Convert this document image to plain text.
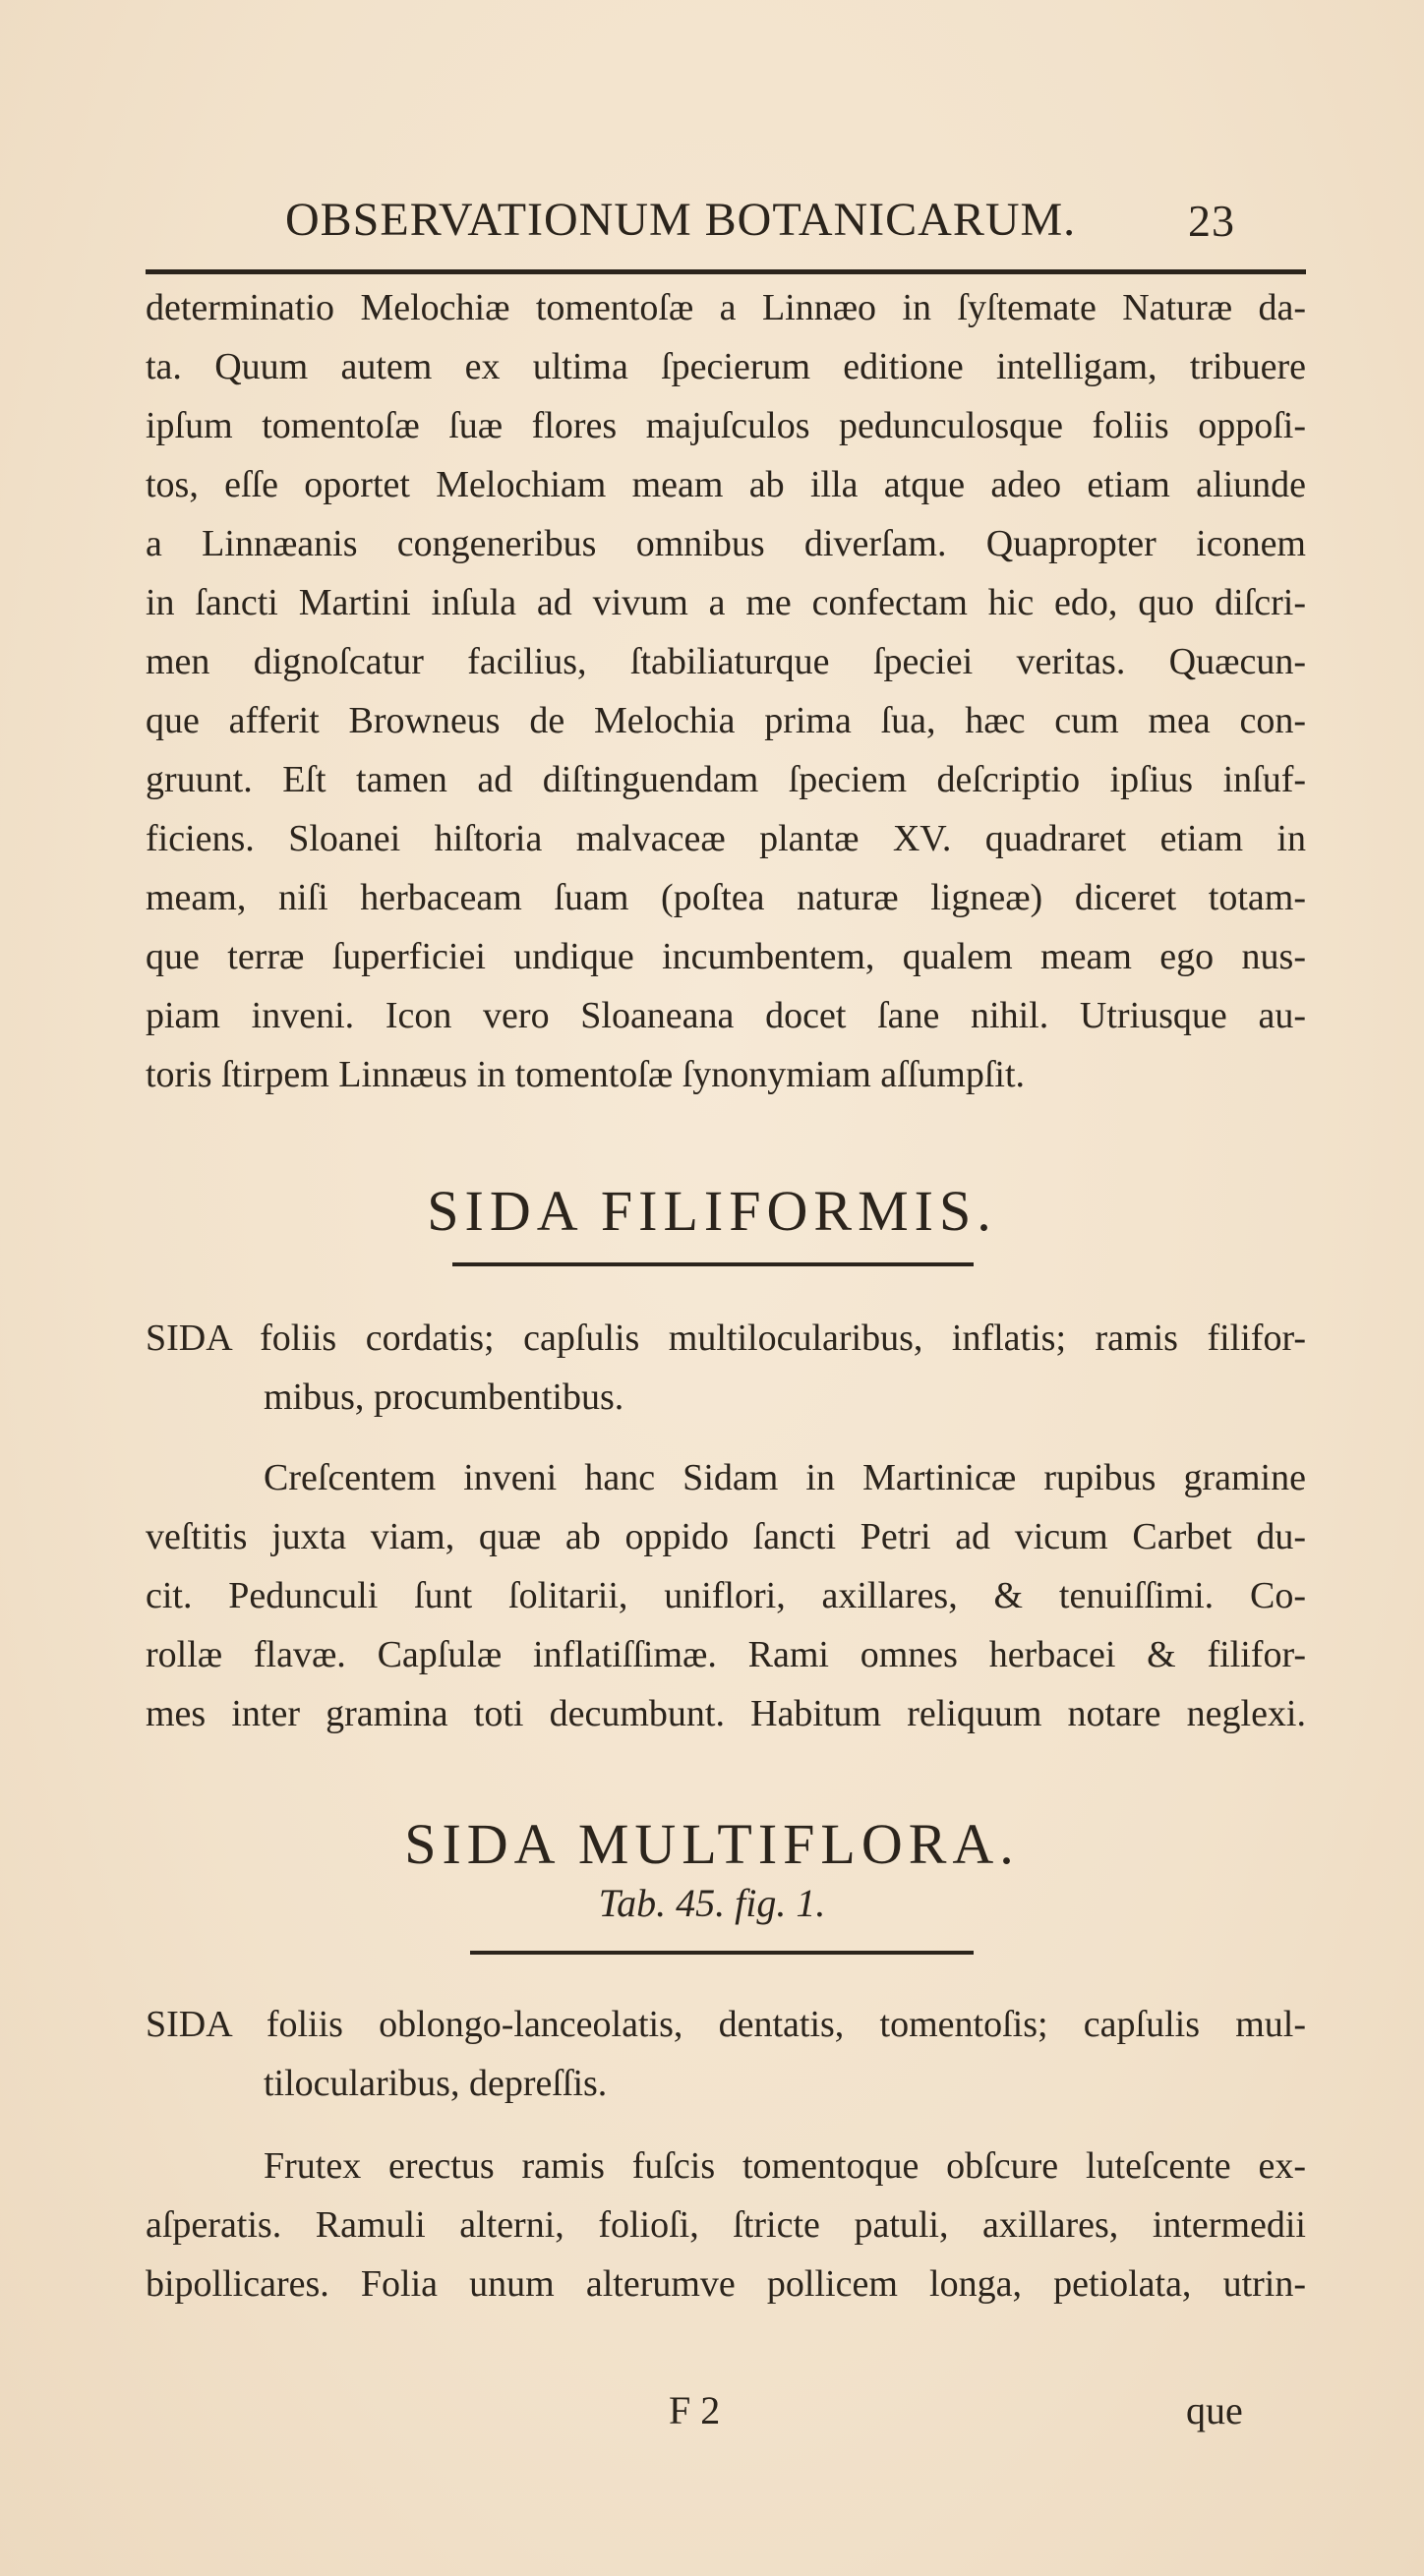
OBSERVATIONUM BOTANICARUM. 23
determinatio Melochiæ tomentoſæ a Linnæo in ſyſtemate Naturæ da-
ta. Quum autem ex ultima ſpecierum editione intelligam, tribuere
ipſum tomentoſæ ſuæ flores majuſculos pedunculosque foliis oppoſi-
tos, eſſe oportet Melochiam meam ab illa atque adeo etiam aliunde
a Linnæanis congeneribus omnibus diverſam. Quapropter iconem
in ſancti Martini inſula ad vivum a me confectam hic edo, quo diſcri-
men dignoſcatur facilius, ſtabiliaturque ſpeciei veritas. Quæcun-
que afferit Browneus de Melochia prima ſua, hæc cum mea con-
gruunt. Eſt tamen ad diſtinguendam ſpeciem deſcriptio ipſius inſuf-
ficiens. Sloanei hiſtoria malvaceæ plantæ XV. quadraret etiam in
meam, niſi herbaceam ſuam (poſtea naturæ ligneæ) diceret totam-
que terræ ſuperficiei undique incumbentem, qualem meam ego nus-
piam inveni. Icon vero Sloaneana docet ſane nihil. Utriusque au-
toris ſtirpem Linnæus in tomentoſæ ſynonymiam aſſumpſit.
SIDA FILIFORMIS.
SIDA foliis cordatis; capſulis multilocularibus, inflatis; ramis filifor-
mibus, procumbentibus.
Creſcentem inveni hanc Sidam in Martinicæ rupibus gramine
veſtitis juxta viam, quæ ab oppido ſancti Petri ad vicum Carbet du-
cit. Pedunculi ſunt ſolitarii, uniflori, axillares, & tenuiſſimi. Co-
rollæ flavæ. Capſulæ inflatiſſimæ. Rami omnes herbacei & filifor-
mes inter gramina toti decumbunt. Habitum reliquum notare neglexi.
SIDA MULTIFLORA.
Tab. 45. fig. 1.
SIDA foliis oblongo-lanceolatis, dentatis, tomentoſis; capſulis mul-
tilocularibus, depreſſis.
Frutex erectus ramis fuſcis tomentoque obſcure luteſcente ex-
aſperatis. Ramuli alterni, folioſi, ſtricte patuli, axillares, intermedii
bipollicares. Folia unum alterumve pollicem longa, petiolata, utrin-
F 2	que
